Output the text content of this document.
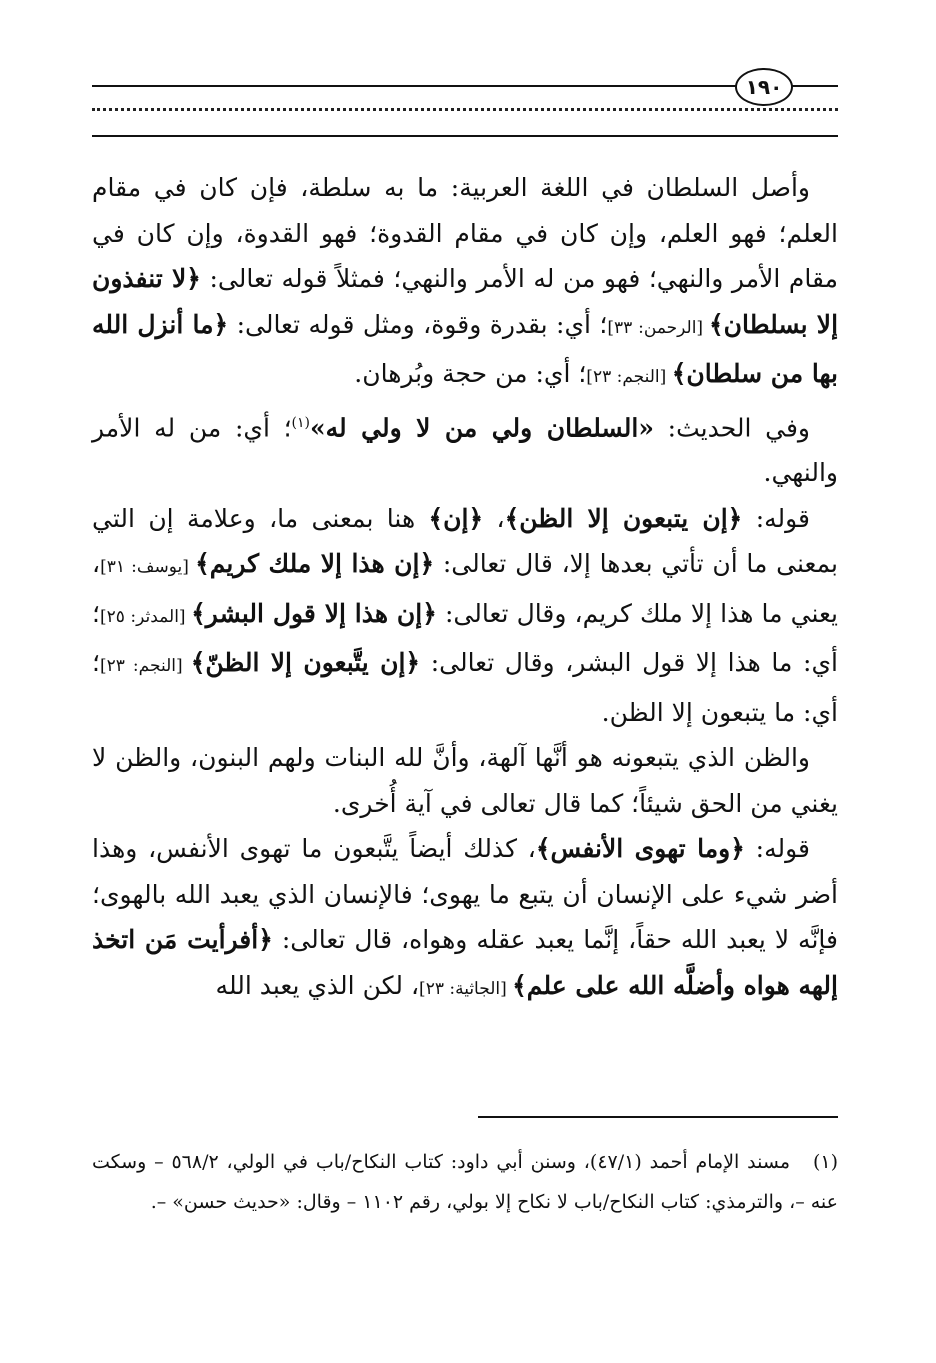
١٩٠

وأصل السلطان في اللغة العربية: ما به سلطة، فإن كان في مقام العلم؛ فهو العلم، وإن كان في مقام القدوة؛ فهو القدوة، وإن كان في مقام الأمر والنهي؛ فهو من له الأمر والنهي؛ فمثلاً قوله تعالى: ﴿لا تنفذون إلا بسلطان﴾ [الرحمن: ٣٣]؛ أي: بقدرة وقوة، ومثل قوله تعالى: ﴿ما أنزل الله بها من سلطان﴾ [النجم: ٢٣]؛ أي: من حجة وبُرهان.

وفي الحديث: «السلطان ولي من لا ولي له»$^{(١)}$؛ أي: من له الأمر والنهي.

قوله: ﴿إن يتبعون إلا الظن﴾، ﴿إن﴾ هنا بمعنى ما، وعلامة إن التي بمعنى ما أن تأتي بعدها إلا، قال تعالى: ﴿إن هذا إلا ملك كريم﴾ [يوسف: ٣١]، يعني ما هذا إلا ملك كريم، وقال تعالى: ﴿إن هذا إلا قول البشر﴾ [المدثر: ٢٥]؛ أي: ما هذا إلا قول البشر، وقال تعالى: ﴿إن يتَّبعون إلا الظنّ﴾ [النجم: ٢٣]؛ أي: ما يتبعون إلا الظن.

والظن الذي يتبعونه هو أنَّها آلهة، وأنَّ لله البنات ولهم البنون، والظن لا يغني من الحق شيئاً؛ كما قال تعالى في آية أُخرى.

قوله: ﴿وما تهوى الأنفس﴾، كذلك أيضاً يتَّبعون ما تهوى الأنفس، وهذا أضر شيء على الإنسان أن يتبع ما يهوى؛ فالإنسان الذي يعبد الله بالهوى؛ فإنَّه لا يعبد الله حقاً، إنَّما يعبد عقله وهواه، قال تعالى: ﴿أفرأيت مَن اتخذ إلهه هواه وأضلَّه الله على علم﴾ [الجاثية: ٢٣]، لكن الذي يعبد الله

(١)مسند الإمام أحمد (٤٧/١)، وسنن أبي داود: كتاب النكاح/باب في الولي، ٥٦٨/٢ – وسكت عنه –، والترمذي: كتاب النكاح/باب لا نكاح إلا بولي، رقم ١١٠٢ – وقال: «حديث حسن» –.
